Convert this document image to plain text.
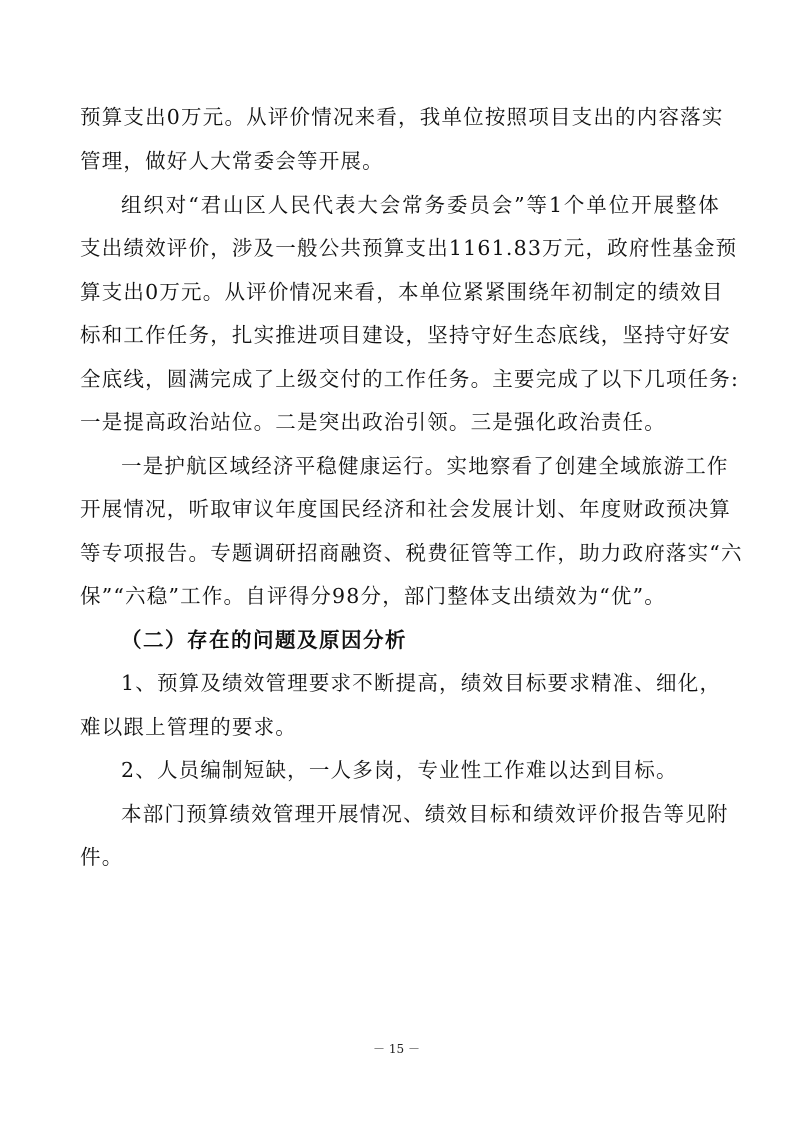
预算支出0万元。从评价情况来看，我单位按照项目支出的内容落实
管理，做好人大常委会等开展。
组织对“君山区人民代表大会常务委员会”等1个单位开展整体
支出绩效评价，涉及一般公共预算支出1161.83万元，政府性基金预
算支出0万元。从评价情况来看，本单位紧紧围绕年初制定的绩效目
标和工作任务，扎实推进项目建设，坚持守好生态底线，坚持守好安
全底线，圆满完成了上级交付的工作任务。主要完成了以下几项任务:
一是提高政治站位。二是突出政治引领。三是强化政治责任。
一是护航区域经济平稳健康运行。实地察看了创建全域旅游工作
开展情况，听取审议年度国民经济和社会发展计划、年度财政预决算
等专项报告。专题调研招商融资、税费征管等工作，助力政府落实“六
保”“六稳”工作。自评得分98分，部门整体支出绩效为“优”。
（二）存在的问题及原因分析
1、预算及绩效管理要求不断提高，绩效目标要求精准、细化，
难以跟上管理的要求。
2、人员编制短缺，一人多岗，专业性工作难以达到目标。
本部门预算绩效管理开展情况、绩效目标和绩效评价报告等见附
件。
－ 15 －
